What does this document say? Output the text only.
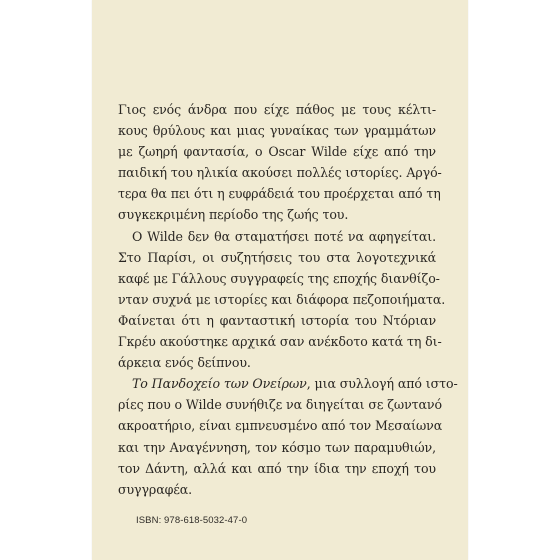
Γιος ενός άνδρα που είχε πάθος με τους κέλτι-
κους θρύλους και μιας γυναίκας των γραμμάτων
με ζωηρή φαντασία, ο Oscar Wilde είχε από την
παιδική του ηλικία ακούσει πολλές ιστορίες. Αργό-
τερα θα πει ότι η ευφράδειά του προέρχεται από τη
συγκεκριμένη περίοδο της ζωής του.
Ο Wilde δεν θα σταματήσει ποτέ να αφηγείται.
Στο Παρίσι, οι συζητήσεις του στα λογοτεχνικά
καφέ με Γάλλους συγγραφείς της εποχής διανθίζο-
νταν συχνά με ιστορίες και διάφορα πεζοποιήματα.
Φαίνεται ότι η φανταστική ιστορία του Ντόριαν
Γκρέυ ακούστηκε αρχικά σαν ανέκδοτο κατά τη δι-
άρκεια ενός δείπνου.
Το Πανδοχείο των Ονείρων, μια συλλογή από ιστο-
ρίες που ο Wilde συνήθιζε να διηγείται σε ζωντανό
ακροατήριο, είναι εμπνευσμένο από τον Μεσαίωνα
και την Αναγέννηση, τον κόσμο των παραμυθιών,
τον Δάντη, αλλά και από την ίδια την εποχή του
συγγραφέα.
ISBN: 978-618-5032-47-0
